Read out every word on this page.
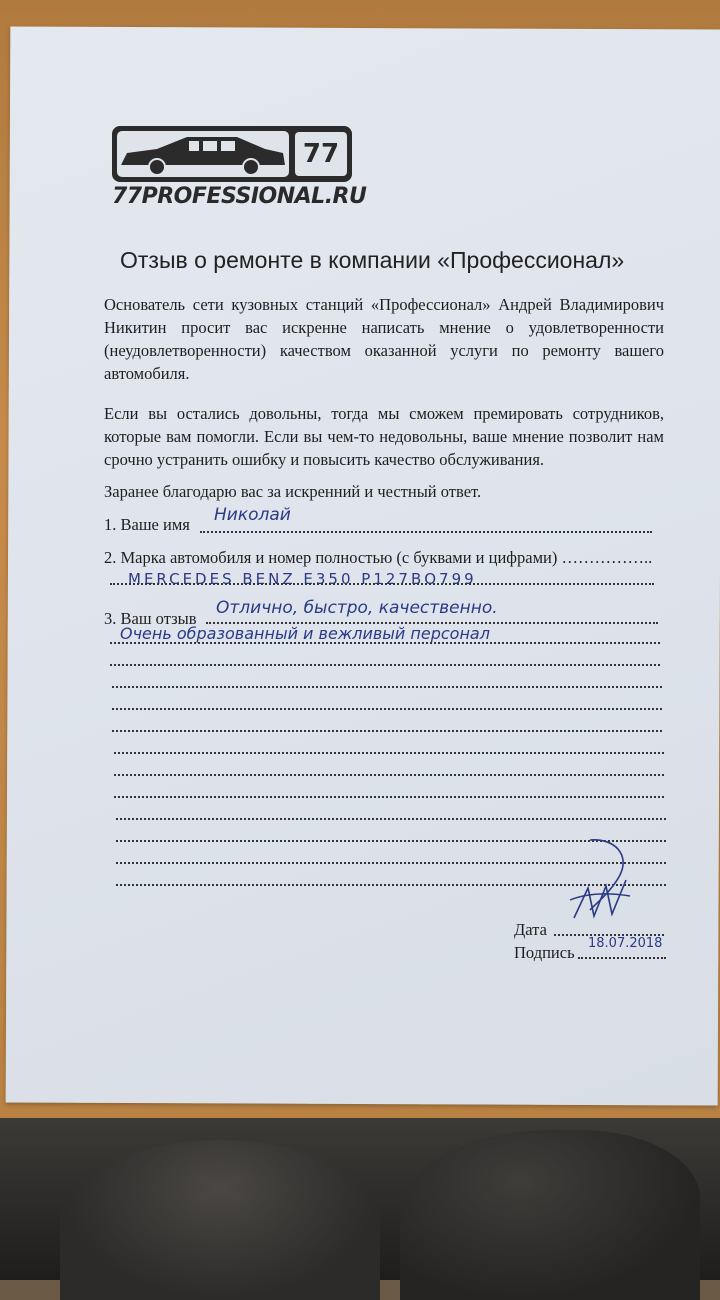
77
77PROFESSIONAL.RU
Отзыв о ремонте в компании «Профессионал»
Основатель сети кузовных станций «Профессионал» Андрей Владимирович Никитин просит вас искренне написать мнение о удовлетворенности (неудовлетворенности) качеством оказанной услуги по ремонту вашего автомобиля.
Если вы остались довольны, тогда мы сможем премировать сотрудников, которые вам помогли. Если вы чем-то недовольны, ваше мнение позволит нам срочно устранить ошибку и повысить качество обслуживания.
Заранее благодарю вас за искренний и честный ответ.
1. Ваше имя Николай
2. Марка автомобиля и номер полностью (с буквами и цифрами) ……………..
MERCEDES BENZ E350 Р127ВО799
3. Ваш отзыв
Отлично, быстро, качественно.
Очень образованный и вежливый персонал
Дата
Подпись 18.07.2018
